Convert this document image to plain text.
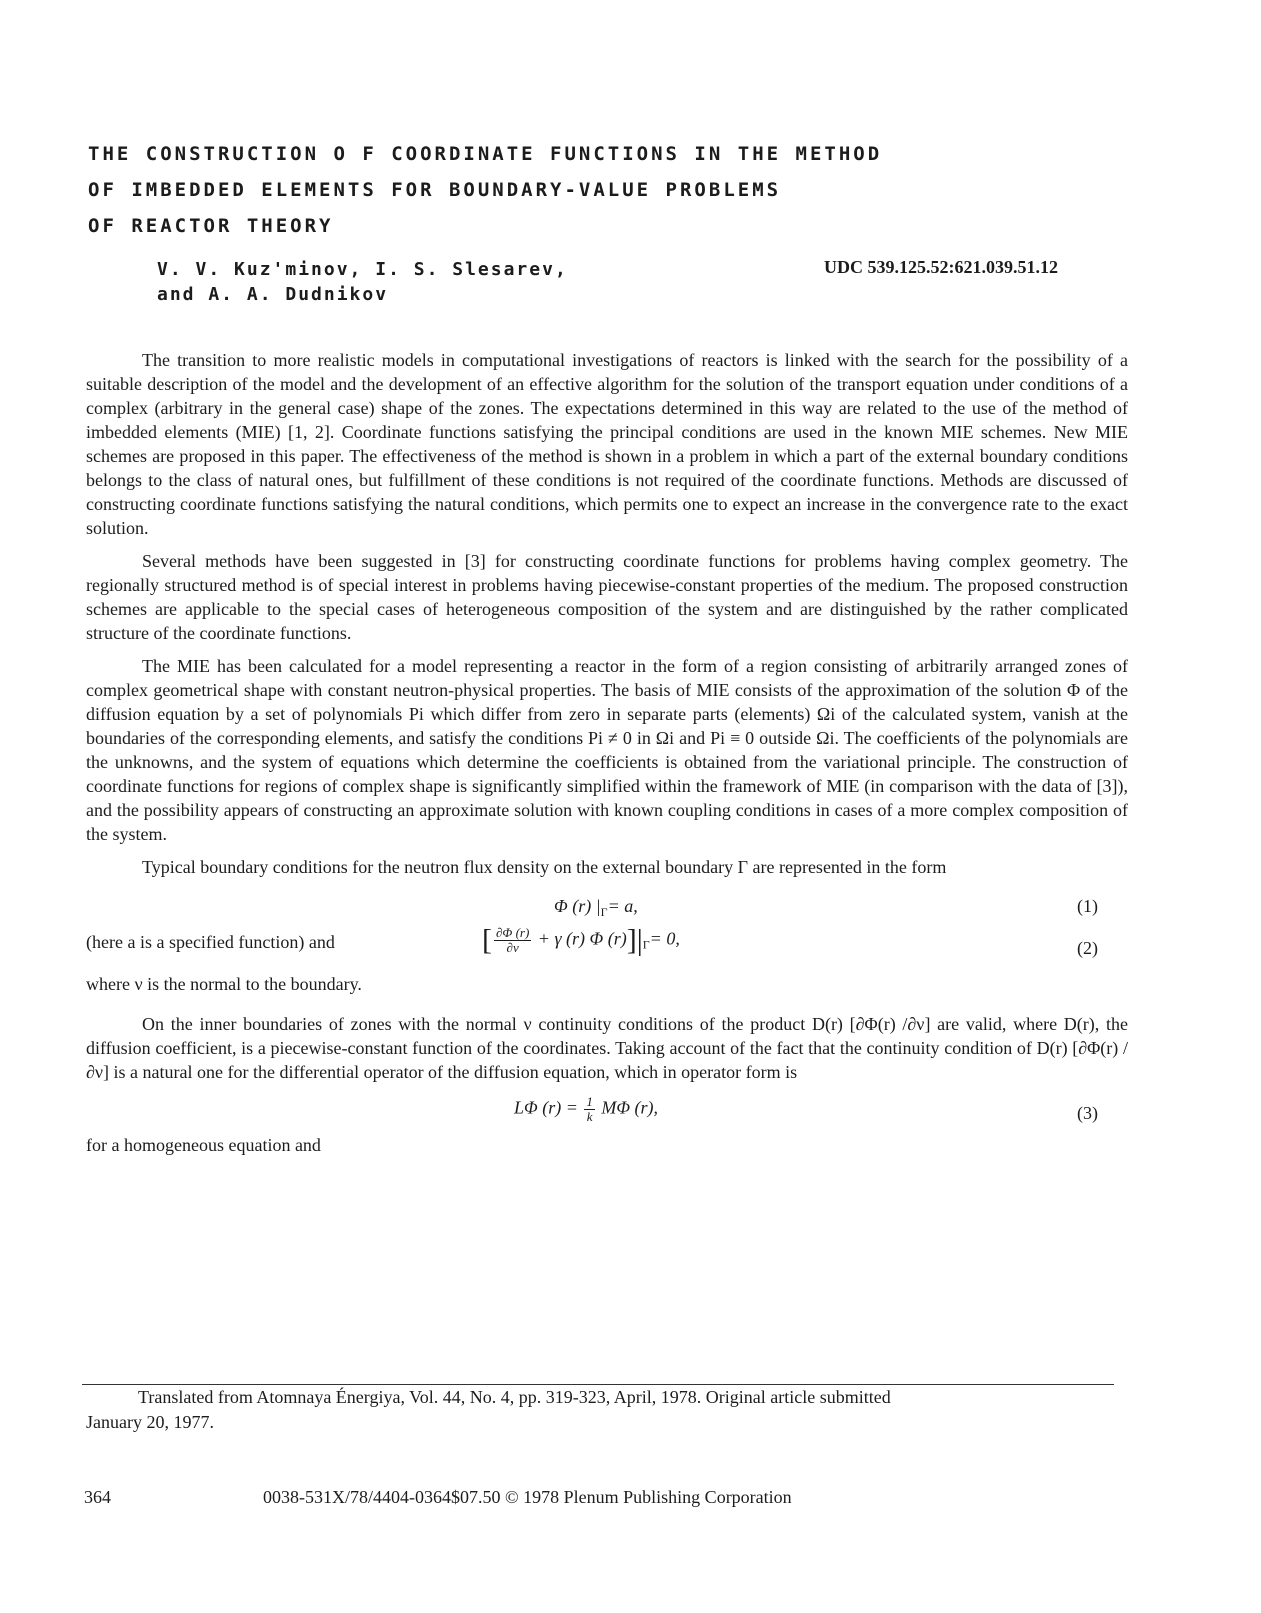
THE CONSTRUCTION O F COORDINATE FUNCTIONS IN THE METHOD
OF IMBEDDED ELEMENTS FOR BOUNDARY-VALUE PROBLEMS
OF REACTOR THEORY
V. V. Kuz'minov, I. S. Slesarev,
and A. A. Dudnikov
UDC 539.125.52:621.039.51.12

The transition to more realistic models in computational investigations of reactors is linked with the search for the possibility of a suitable description of the model and the development of an effective algorithm for the solution of the transport equation under conditions of a complex (arbitrary in the general case) shape of the zones. The expectations determined in this way are related to the use of the method of imbedded elements (MIE) [1, 2]. Coordinate functions satisfying the principal conditions are used in the known MIE schemes. New MIE schemes are proposed in this paper. The effectiveness of the method is shown in a problem in which a part of the external boundary conditions belongs to the class of natural ones, but fulfillment of these conditions is not required of the coordinate functions. Methods are discussed of constructing coordinate functions satisfying the natural conditions, which permits one to expect an increase in the convergence rate to the exact solution.

Several methods have been suggested in [3] for constructing coordinate functions for problems having complex geometry. The regionally structured method is of special interest in problems having piecewise-constant properties of the medium. The proposed construction schemes are applicable to the special cases of heterogeneous composition of the system and are distinguished by the rather complicated structure of the coordinate functions.

The MIE has been calculated for a model representing a reactor in the form of a region consisting of arbitrarily arranged zones of complex geometrical shape with constant neutron-physical properties. The basis of MIE consists of the approximation of the solution Φ of the diffusion equation by a set of polynomials Pi which differ from zero in separate parts (elements) Ωi of the calculated system, vanish at the boundaries of the corresponding elements, and satisfy the conditions Pi ≠ 0 in Ωi and Pi ≡ 0 outside Ωi. The coefficients of the polynomials are the unknowns, and the system of equations which determine the coefficients is obtained from the variational principle. The construction of coordinate functions for regions of complex shape is significantly simplified within the framework of MIE (in comparison with the data of [3]), and the possibility appears of constructing an approximate solution with known coupling conditions in cases of a more complex composition of the system.

Typical boundary conditions for the neutron flux density on the external boundary Γ are represented in the form

Φ (r) $|_\Gamma= a$,	(1)
(here a is a specified function) and	[ $\frac{\partial\Phi (r)}{\partial\nu} + \gamma$ (r) Φ $(r)]|_\Gamma= 0$,	(2)

where ν is the normal to the boundary.

On the inner boundaries of zones with the normal ν continuity conditions of the product D(r) [∂Φ(r) /∂ν] are valid, where D(r), the diffusion coefficient, is a piecewise-constant function of the coordinates. Taking account of the fact that the continuity condition of D(r) [∂Φ(r) /∂ν] is a natural one for the differential operator of the diffusion equation, which in operator form is

LΦ $(r) = \frac{1}{k}$ MΦ (r),	(3)

for a homogeneous equation and

Translated from Atomnaya Énergiya, Vol. 44, No. 4, pp. 319-323, April, 1978. Original article submitted
January 20, 1977.
364	0038-531X/78/4404-0364$07.50 © 1978 Plenum Publishing Corporation
